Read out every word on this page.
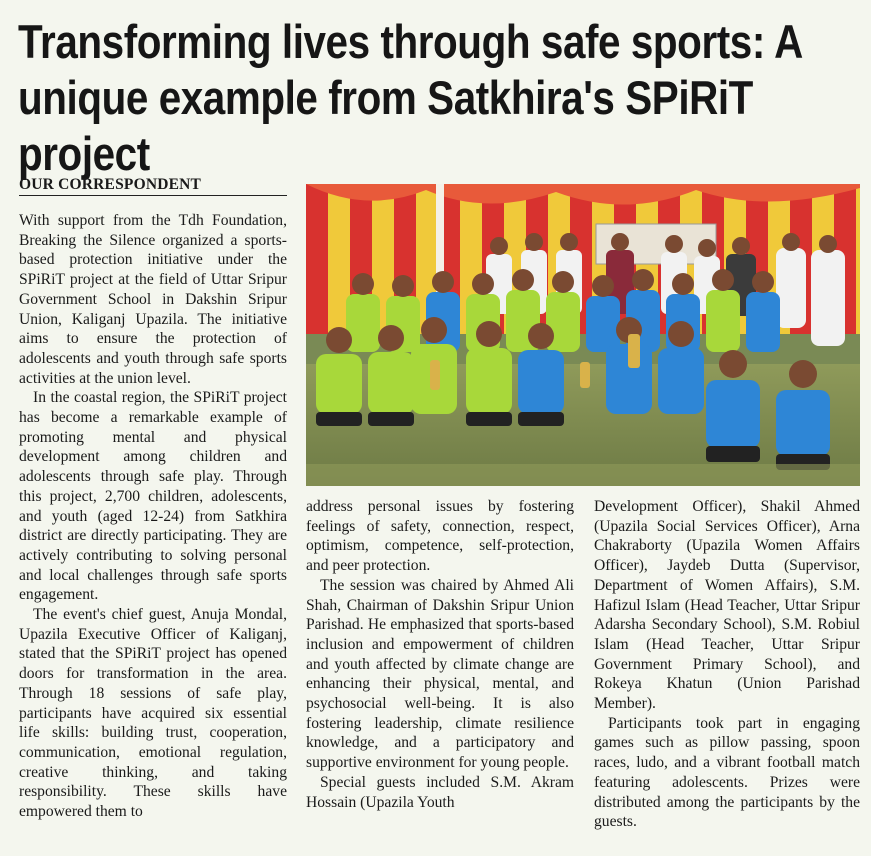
Transforming lives through safe sports: A unique example from Satkhira's SPiRiT project
OUR CORRESPONDENT

With support from the Tdh Foundation, Breaking the Silence organized a sports-based protection initiative under the SPiRiT project at the field of Uttar Sripur Government School in Dakshin Sripur Union, Kaliganj Upazila. The initiative aims to ensure the protection of adolescents and youth through safe sports activities at the union level.

In the coastal region, the SPiRiT project has become a remarkable example of promoting mental and physical development among children and adolescents through safe play. Through this project, 2,700 children, adolescents, and youth (aged 12-24) from Satkhira district are directly participating. They are actively contributing to solving personal and local challenges through safe sports engagement.

The event's chief guest, Anuja Mondal, Upazila Executive Officer of Kaliganj, stated that the SPiRiT project has opened doors for transformation in the area. Through 18 sessions of safe play, participants have acquired six essential life skills: building trust, cooperation, communication, emotional regulation, creative thinking, and taking responsibility. These skills have empowered them to

address personal issues by fostering feelings of safety, connection, respect, optimism, competence, self-protection, and peer protection.

The session was chaired by Ahmed Ali Shah, Chairman of Dakshin Sripur Union Parishad. He emphasized that sports-based inclusion and empowerment of children and youth affected by climate change are enhancing their physical, mental, and psychosocial well-being. It is also fostering leadership, climate resilience knowledge, and a participatory and supportive environment for young people.

Special guests included S.M. Akram Hossain (Upazila Youth

Development Officer), Shakil Ahmed (Upazila Social Services Officer), Arna Chakraborty (Upazila Women Affairs Officer), Jaydeb Dutta (Supervisor, Department of Women Affairs), S.M. Hafizul Islam (Head Teacher, Uttar Sripur Adarsha Secondary School), S.M. Robiul Islam (Head Teacher, Uttar Sripur Government Primary School), and Rokeya Khatun (Union Parishad Member).

Participants took part in engaging games such as pillow passing, spoon races, ludo, and a vibrant football match featuring adolescents. Prizes were distributed among the participants by the guests.
